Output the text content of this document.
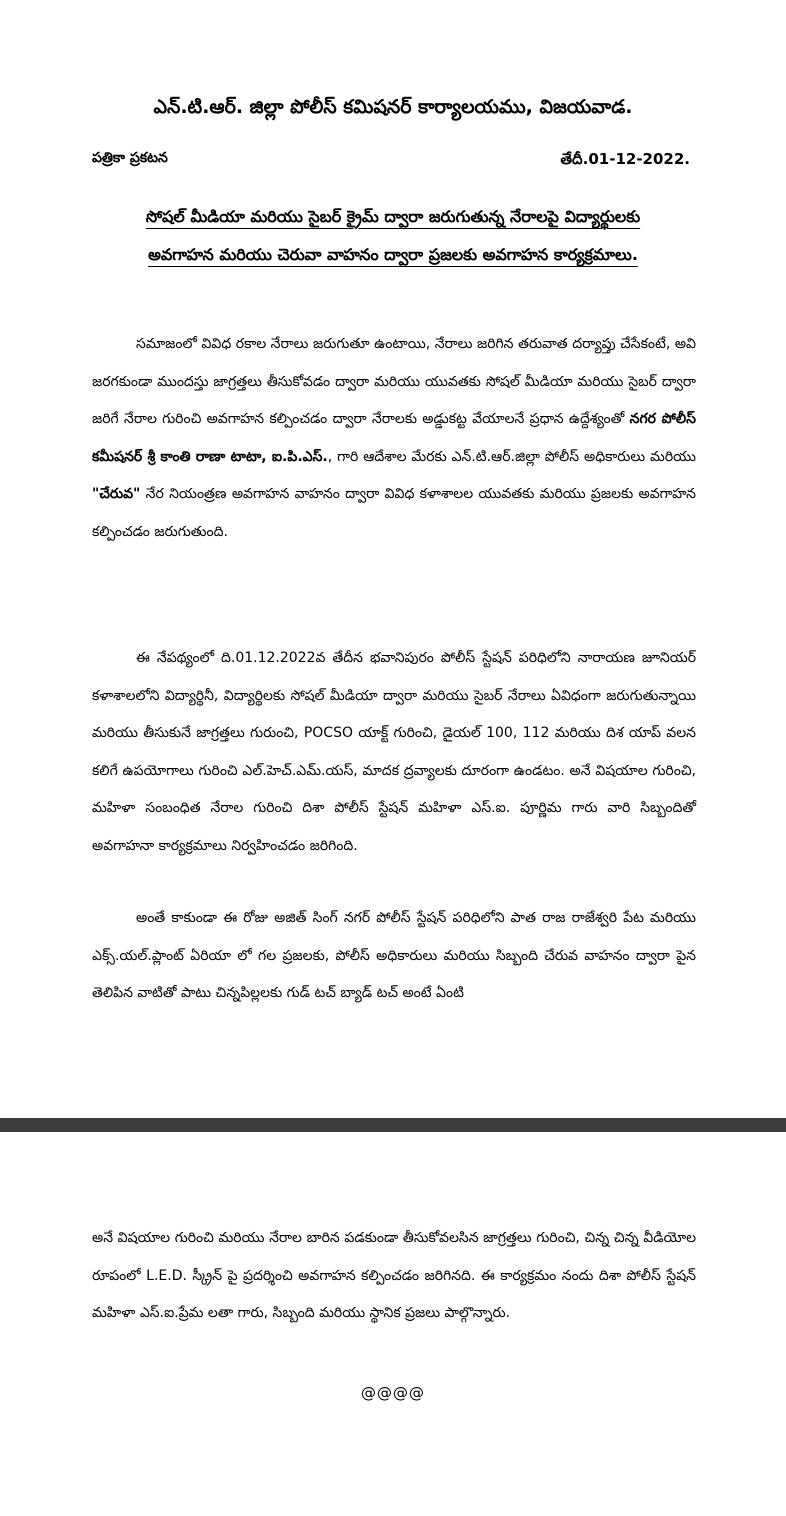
ఎన్.టి.ఆర్. జిల్లా పోలీస్ కమిషనర్ కార్యాలయము, విజయవాడ.
పత్రికా ప్రకటన	తేదీ.01-12-2022.
సోషల్ మీడియా మరియు సైబర్ క్రైమ్ ద్వారా జరుగుతున్న నేరాలపై విద్యార్థులకు
అవగాహన మరియు చెరువా వాహనం ద్వారా ప్రజలకు అవగాహన కార్యక్రమాలు.

సమాజంలో వివిధ రకాల నేరాలు జరుగుతూ ఉంటాయి, నేరాలు జరిగిన తరువాత దర్యాప్తు చేసేకంటే, అవి జరగకుండా ముందస్తు జాగ్రత్తలు తీసుకోవడం ద్వారా మరియు యువతకు సోషల్ మీడియా మరియు సైబర్ ద్వారా జరిగే నేరాల గురించి అవగాహన కల్పించడం ద్వారా నేరాలకు అడ్డుకట్ట వేయాలనే ప్రధాన ఉద్దేశ్యంతో నగర పోలీస్ కమీషనర్ శ్రీ కాంతి రాణా టాటా, ఐ.పి.ఎస్., గారి ఆదేశాల మేరకు ఎన్.టి.ఆర్.జిల్లా పోలీస్ అధికారులు మరియు "చేరువ" నేర నియంత్రణ అవగాహన వాహనం ద్వారా వివిధ కళాశాలల యువతకు మరియు ప్రజలకు అవగాహన కల్పించడం జరుగుతుంది.

ఈ నేపథ్యంలో ది.01.12.2022వ తేదీన భవానిపురం పోలీస్ స్టేషన్ పరిధిలోని నారాయణ జూనియర్ కళాశాలలోని విద్యార్థినీ, విద్యార్థిలకు సోషల్ మీడియా ద్వారా మరియు సైబర్ నేరాలు ఏవిధంగా జరుగుతున్నాయి మరియు తీసుకునే జాగ్రత్తలు గురుంచి, POCSO యాక్ట్ గురించి, డైయల్ 100, 112 మరియు దిశ యాప్ వలన కలిగే ఉపయోగాలు గురించి ఎల్.హెచ్.ఎమ్.యస్, మాదక ద్రవ్యాలకు దూరంగా ఉండటం. అనే విషయాల గురించి, మహిళా సంబంధిత నేరాల గురించి దిశా పోలీస్ స్టేషన్ మహిళా ఎస్.ఐ. పూర్ణిమ గారు వారి సిబ్బందితో అవగాహనా కార్యక్రమాలు నిర్వహించడం జరిగింది.

అంతే కాకుండా ఈ రోజు అజిత్ సింగ్ నగర్ పోలీస్ స్టేషన్ పరిధిలోని పాత రాజ రాజేశ్వరి పేట మరియు ఎక్స్.యల్.ప్లాంట్ ఏరియా లో గల ప్రజలకు, పోలీస్ అధికారులు మరియు సిబ్బంది చేరువ వాహనం ద్వారా పైన తెలిపిన వాటితో పాటు చిన్నపిల్లలకు గుడ్ టచ్ బ్యాడ్ టచ్ అంటే ఏంటి

అనే విషయాల గురించి మరియు నేరాల బారిన పడకుండా తీసుకోవలసిన జాగ్రత్తలు గురించి, చిన్న చిన్న వీడియోల రూపంలో L.E.D. స్క్రీన్ పై ప్రదర్శించి అవగాహన కల్పించడం జరిగినది. ఈ కార్యక్రమం నందు దిశా పోలీస్ స్టేషన్ మహిళా ఎస్.ఐ.ప్రేమ లతా గారు, సిబ్బంది మరియు స్థానిక ప్రజలు పాల్గొన్నారు.

@@@@
